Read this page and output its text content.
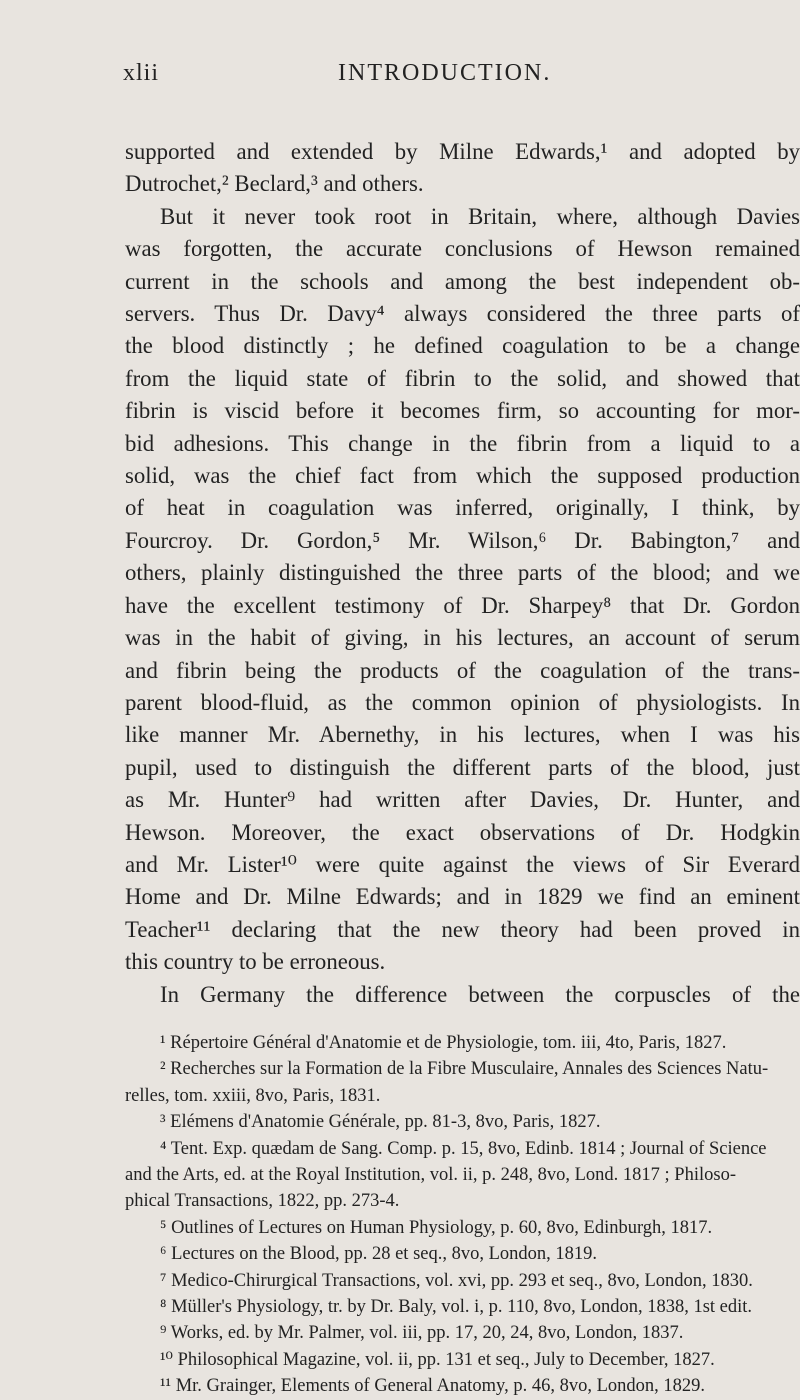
xlii	INTRODUCTION.
supported and extended by Milne Edwards,¹ and adopted by
Dutrochet,² Beclard,³ and others.
But it never took root in Britain, where, although Davies
was forgotten, the accurate conclusions of Hewson remained
current in the schools and among the best independent ob-
servers. Thus Dr. Davy⁴ always considered the three parts of
the blood distinctly ; he defined coagulation to be a change
from the liquid state of fibrin to the solid, and showed that
fibrin is viscid before it becomes firm, so accounting for mor-
bid adhesions. This change in the fibrin from a liquid to a
solid, was the chief fact from which the supposed production
of heat in coagulation was inferred, originally, I think, by
Fourcroy. Dr. Gordon,⁵ Mr. Wilson,⁶ Dr. Babington,⁷ and
others, plainly distinguished the three parts of the blood; and we
have the excellent testimony of Dr. Sharpey⁸ that Dr. Gordon
was in the habit of giving, in his lectures, an account of serum
and fibrin being the products of the coagulation of the trans-
parent blood-fluid, as the common opinion of physiologists. In
like manner Mr. Abernethy, in his lectures, when I was his
pupil, used to distinguish the different parts of the blood, just
as Mr. Hunter⁹ had written after Davies, Dr. Hunter, and
Hewson. Moreover, the exact observations of Dr. Hodgkin
and Mr. Lister¹⁰ were quite against the views of Sir Everard
Home and Dr. Milne Edwards; and in 1829 we find an eminent
Teacher¹¹ declaring that the new theory had been proved in
this country to be erroneous.
In Germany the difference between the corpuscles of the
¹ Répertoire Général d'Anatomie et de Physiologie, tom. iii, 4to, Paris, 1827.
² Recherches sur la Formation de la Fibre Musculaire, Annales des Sciences Natu-
relles, tom. xxiii, 8vo, Paris, 1831.
³ Elémens d'Anatomie Générale, pp. 81-3, 8vo, Paris, 1827.
⁴ Tent. Exp. quædam de Sang. Comp. p. 15, 8vo, Edinb. 1814 ; Journal of Science
and the Arts, ed. at the Royal Institution, vol. ii, p. 248, 8vo, Lond. 1817 ; Philoso-
phical Transactions, 1822, pp. 273-4.
⁵ Outlines of Lectures on Human Physiology, p. 60, 8vo, Edinburgh, 1817.
⁶ Lectures on the Blood, pp. 28 et seq., 8vo, London, 1819.
⁷ Medico-Chirurgical Transactions, vol. xvi, pp. 293 et seq., 8vo, London, 1830.
⁸ Müller's Physiology, tr. by Dr. Baly, vol. i, p. 110, 8vo, London, 1838, 1st edit.
⁹ Works, ed. by Mr. Palmer, vol. iii, pp. 17, 20, 24, 8vo, London, 1837.
¹⁰ Philosophical Magazine, vol. ii, pp. 131 et seq., July to December, 1827.
¹¹ Mr. Grainger, Elements of General Anatomy, p. 46, 8vo, London, 1829.
